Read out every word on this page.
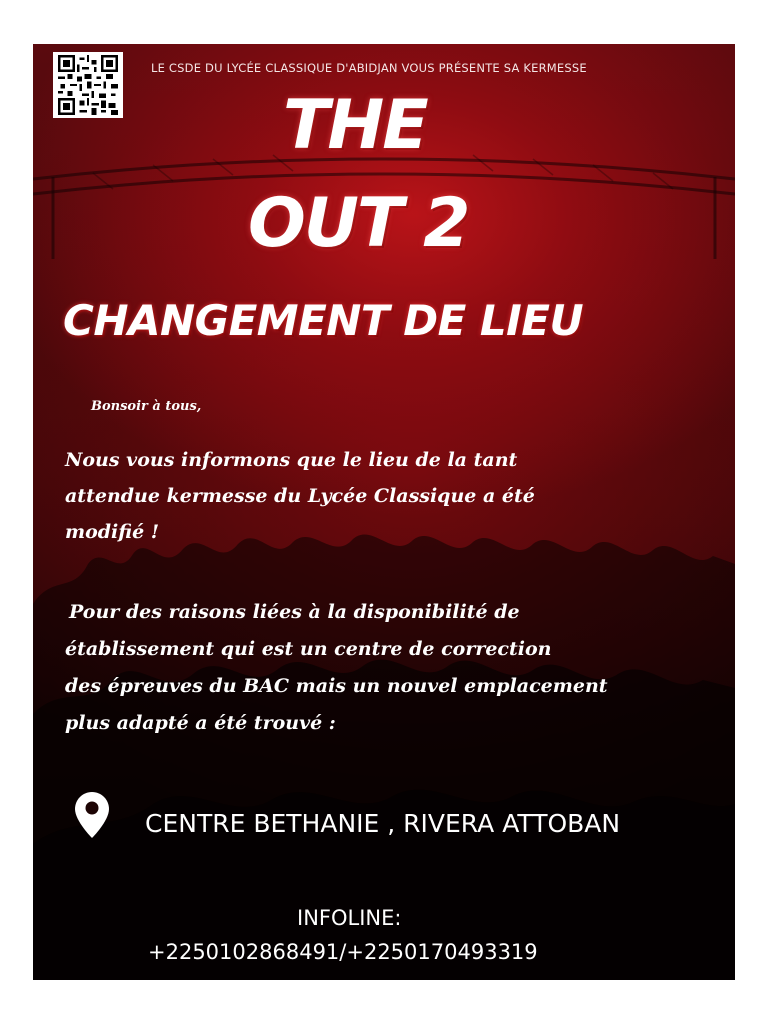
LE CSDE DU LYCÉE CLASSIQUE D'ABIDJAN VOUS PRÉSENTE SA KERMESSE
THE
OUT 2
CHANGEMENT DE LIEU
Bonsoir à tous,
Nous vous informons que le lieu de la tant
attendue kermesse du Lycée Classique a été
modifié !
Pour des raisons liées à la disponibilité de
établissement qui est un centre de correction
des épreuves du BAC mais un nouvel emplacement
plus adapté a été trouvé :
CENTRE BETHANIE , RIVERA ATTOBAN
INFOLINE:
+2250102868491/+2250170493319
